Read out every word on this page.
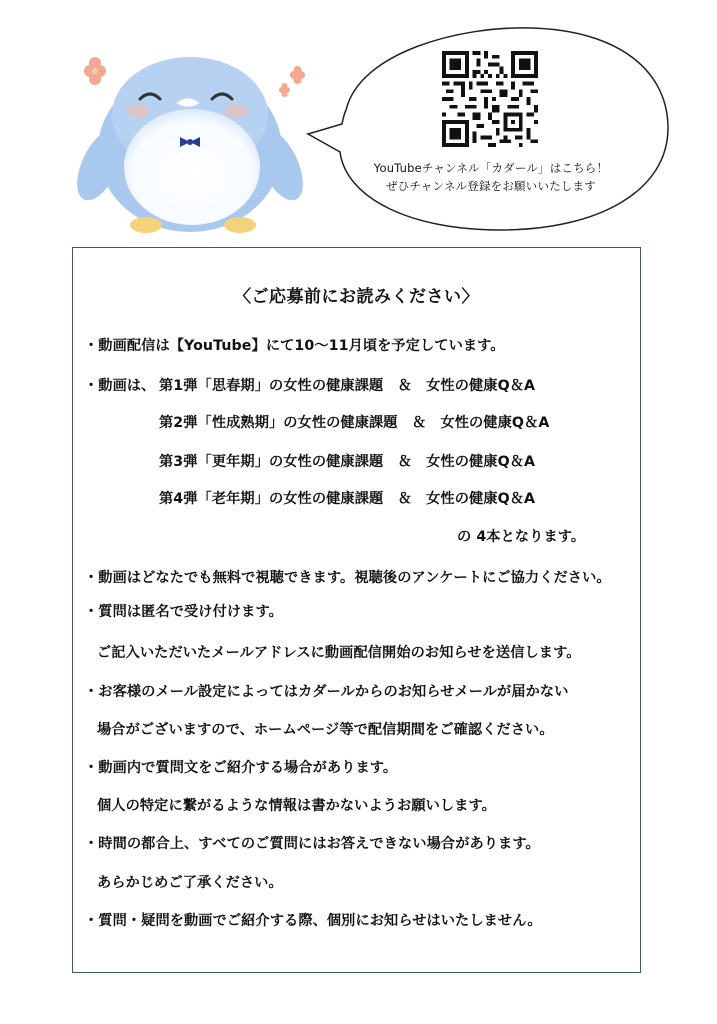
YouTubeチャンネル「カダール」はこちら！
ぜひチャンネル登録をお願いいたします
〈ご応募前にお読みください〉
・動画配信は【YouTube】にて10～11月頃を予定しています。
・動画は、 第1弾「思春期」の女性の健康課題　＆　女性の健康Q＆A
第2弾「性成熟期」の女性の健康課題　＆　女性の健康Q＆A
第3弾「更年期」の女性の健康課題　＆　女性の健康Q＆A
第4弾「老年期」の女性の健康課題　＆　女性の健康Q＆A
の 4本となります。
・動画はどなたでも無料で視聴できます。視聴後のアンケートにご協力ください。
・質問は匿名で受け付けます。
ご記入いただいたメールアドレスに動画配信開始のお知らせを送信します。
・お客様のメール設定によってはカダールからのお知らせメールが届かない
場合がございますので、ホームページ等で配信期間をご確認ください。
・動画内で質問文をご紹介する場合があります。
個人の特定に繋がるような情報は書かないようお願いします。
・時間の都合上、すべてのご質問にはお答えできない場合があります。
あらかじめご了承ください。
・質問・疑問を動画でご紹介する際、個別にお知らせはいたしません。
